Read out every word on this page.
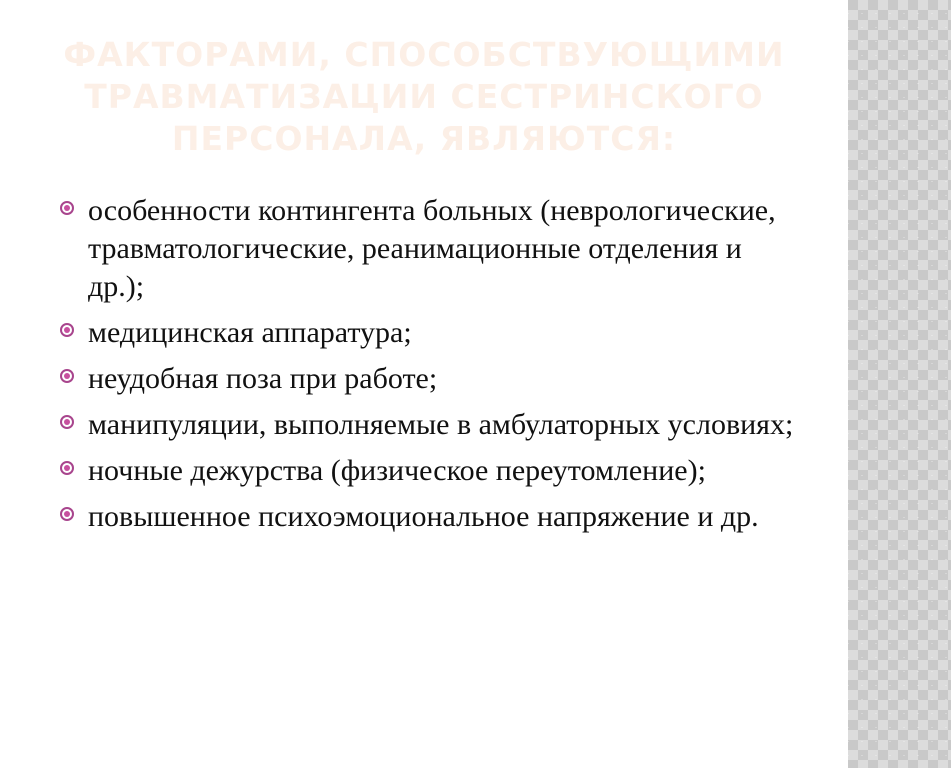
ФАКТОРАМИ, СПОСОБСТВУЮЩИМИ ТРАВМАТИЗАЦИИ СЕСТРИНСКОГО ПЕРСОНАЛА, ЯВЛЯЮТСЯ:
особенности контингента больных (неврологические, травматологические, реанимационные отделения и др.);
медицинская аппаратура;
неудобная поза при работе;
манипуляции, выполняемые в амбулаторных условиях;
ночные дежурства (физическое переутомление);
повышенное психоэмоциональное напряжение и др.
